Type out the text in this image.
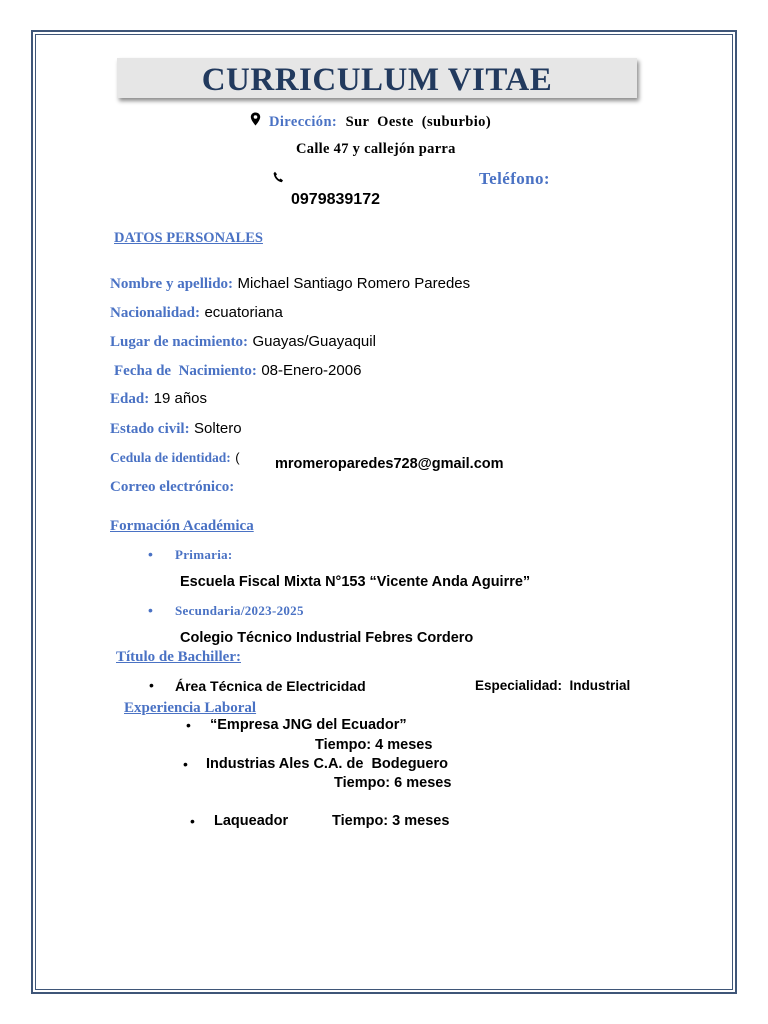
CURRICULUM VITAE
Dirección: Sur Oeste (suburbio)
Calle 47 y callejón parra
Teléfono:
0979839172
DATOS PERSONALES
Nombre y apellido: Michael Santiago Romero Paredes
Nacionalidad: ecuatoriana
Lugar de nacimiento: Guayas/Guayaquil
Fecha de  Nacimiento: 08-Enero-2006
Edad: 19 años
Estado civil: Soltero
Cedula de identidad: ( mromeroparedes728@gmail.com
Correo electrónico:
Formación Académica
• Primaria:
Escuela Fiscal Mixta N°153 “Vicente Anda Aguirre”
• Secundaria/2023-2025
Colegio Técnico Industrial Febres Cordero
Título de Bachiller:
• Área Técnica de Electricidad	Especialidad:  Industrial
Experiencia Laboral
• “Empresa JNG del Ecuador”
Tiempo: 4 meses
• Industrias Ales C.A. de  Bodeguero
Tiempo: 6 meses
• Laqueador	Tiempo: 3 meses
